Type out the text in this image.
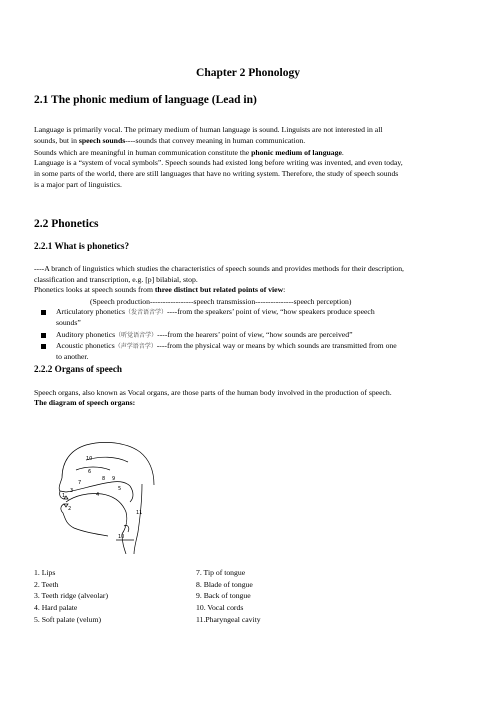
Chapter 2 Phonology
2.1 The phonic medium of language (Lead in)
Language is primarily vocal. The primary medium of human language is sound. Linguists are not interested in all
sounds, but in speech sounds----sounds that convey meaning in human communication.
Sounds which are meaningful in human communication constitute the phonic medium of language.
Language is a “system of vocal symbols”. Speech sounds had existed long before writing was invented, and even today,
in some parts of the world, there are still languages that have no writing system. Therefore, the study of speech sounds
is a major part of linguistics.
2.2 Phonetics
2.2.1 What is phonetics?
----A branch of linguistics which studies the characteristics of speech sounds and provides methods for their description,
classification and transcription, e.g. [p] bilabial, stop.
Phonetics looks at speech sounds from three distinct but related points of view:
(Speech production-----------------speech transmission---------------speech perception)
Articulatory phonetics（发音语音学）----from the speakers’ point of view, “how speakers produce speech
sounds”
Auditory phonetics（听觉语音学）----from the hearers’ point of view, “how sounds are perceived”
Acoustic phonetics（声学语音学）----from the physical way or means by which sounds are transmitted from one
to another.
2.2.2 Organs of speech
Speech organs, also known as Vocal organs, are those parts of the human body involved in the production of speech.
The diagram of speech organs:
10
6
8 9
7
5
4
3
1
2
11
10
1. Lips
2. Teeth
3. Teeth ridge (alveolar)
4. Hard palate
5. Soft palate (velum)
7. Tip of tongue
8. Blade of tongue
9. Back of tongue
10. Vocal cords
11.Pharyngeal cavity
